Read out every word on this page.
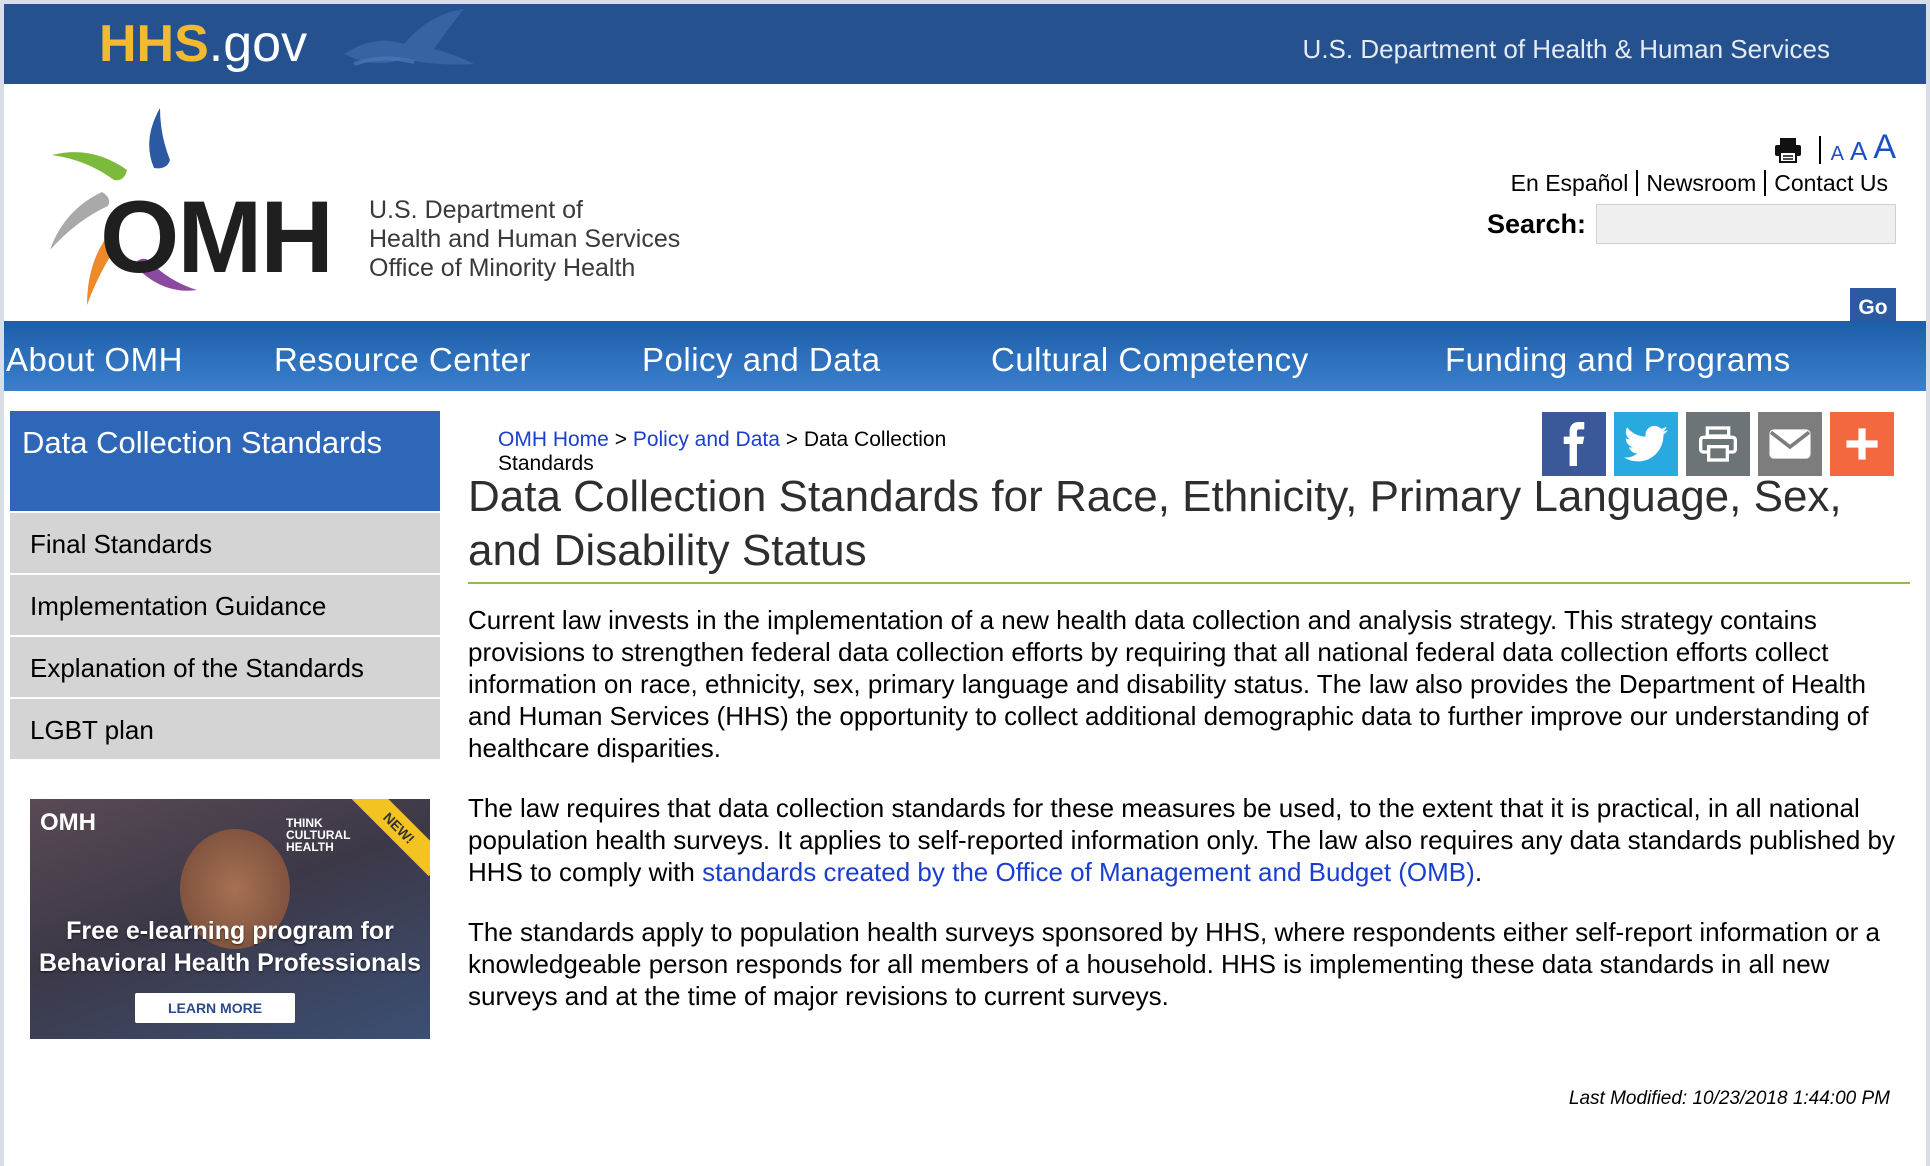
HHS.gov	U.S. Department of Health & Human Services
OMH U.S. Department of
Health and Human Services
Office of Minority Health
A A A
En Español Newsroom Contact Us
Search:
Go
About OMH	Resource Center	Policy and Data	Cultural Competency	Funding and Programs
Data Collection Standards
Final Standards
Implementation Guidance
Explanation of the Standards
LGBT plan
OMH	THINK CULTURAL HEALTH
NEW!
Free e-learning program for
Behavioral Health Professionals
LEARN MORE
OMH Home > Policy and Data > Data Collection Standards
Data Collection Standards for Race, Ethnicity, Primary Language, Sex, and Disability Status

Current law invests in the implementation of a new health data collection and analysis strategy. This strategy contains provisions to strengthen federal data collection efforts by requiring that all national federal data collection efforts collect information on race, ethnicity, sex, primary language and disability status. The law also provides the Department of Health and Human Services (HHS) the opportunity to collect additional demographic data to further improve our understanding of healthcare disparities.

The law requires that data collection standards for these measures be used, to the extent that it is practical, in all national population health surveys. It applies to self-reported information only. The law also requires any data standards published by HHS to comply with standards created by the Office of Management and Budget (OMB).

The standards apply to population health surveys sponsored by HHS, where respondents either self-report information or a knowledgeable person responds for all members of a household. HHS is implementing these data standards in all new surveys and at the time of major revisions to current surveys.

Last Modified: 10/23/2018 1:44:00 PM
